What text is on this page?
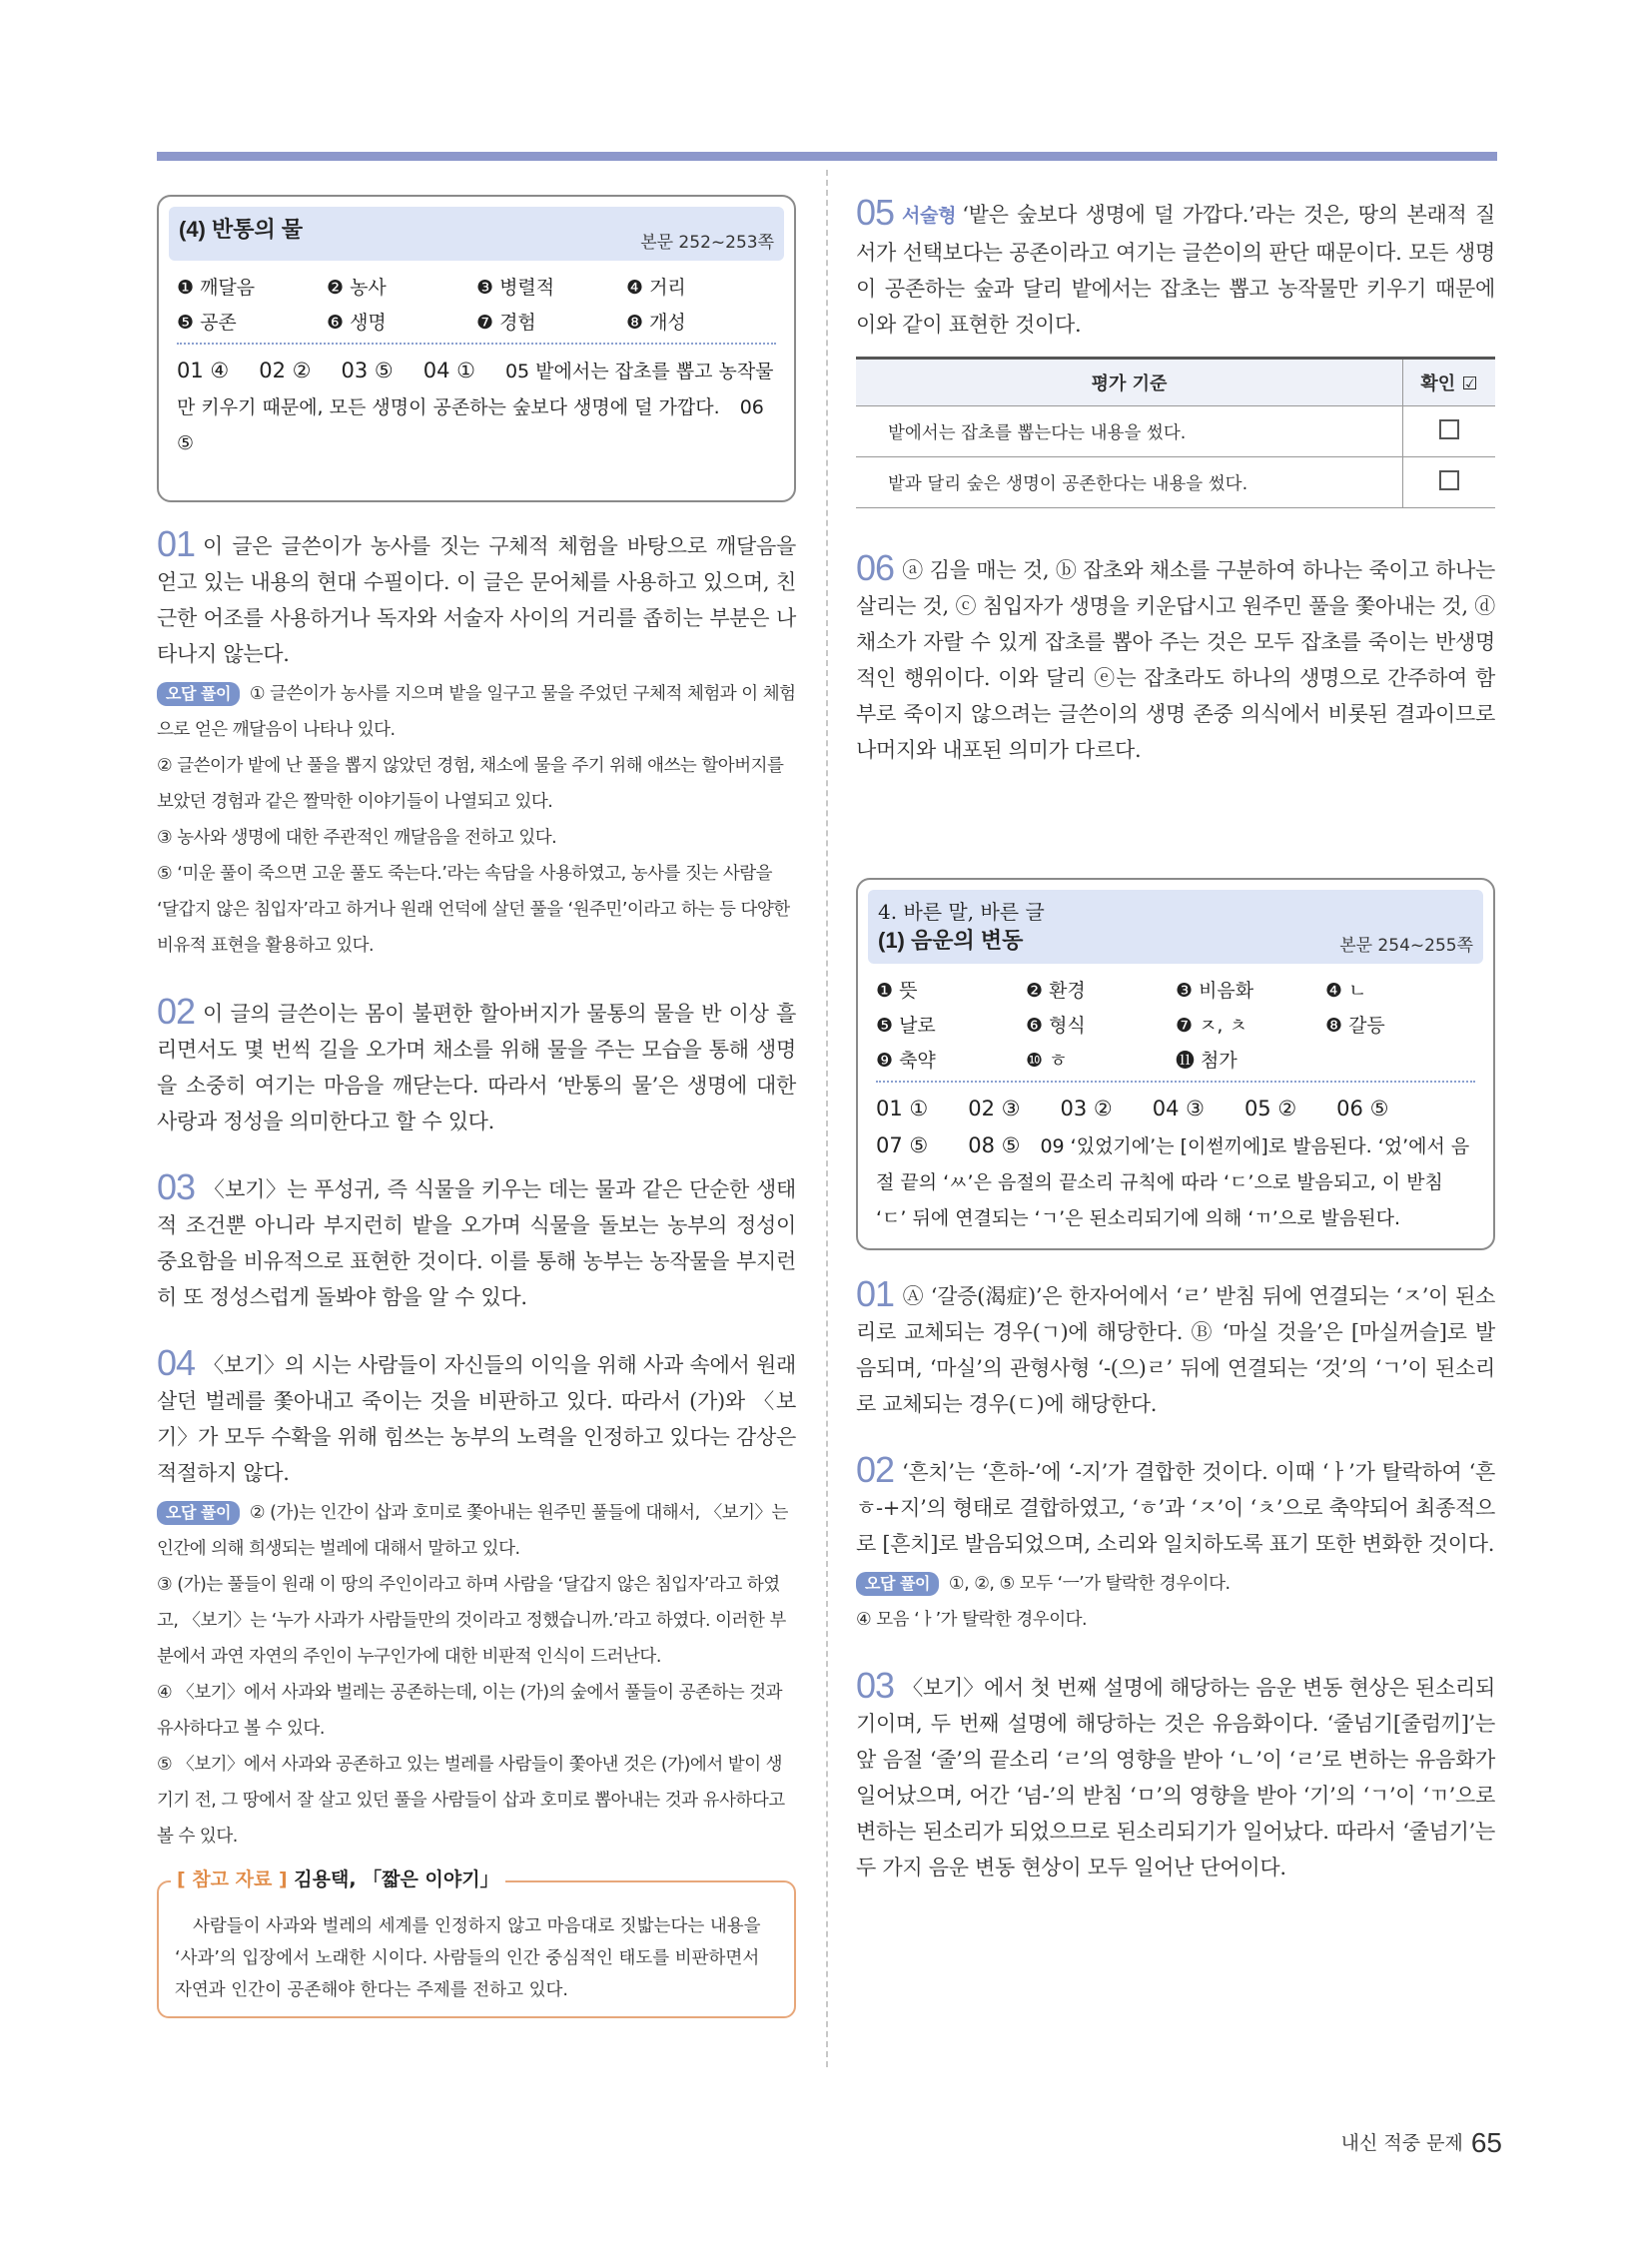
(4) 반통의 물
본문 252~253쪽
❶ 깨달음	❷ 농사	❸ 병렬적	❹ 거리
❺ 공존	❻ 생명	❼ 경험	❽ 개성
01 ④ 02 ② 03 ⑤ 04 ① 05 밭에서는 잡초를 뽑고 농작물만 키우기 때문에, 모든 생명이 공존하는 숲보다 생명에 덜 가깝다. 06 ⑤
01 이 글은 글쓴이가 농사를 짓는 구체적 체험을 바탕으로 깨달음을 얻고 있는 내용의 현대 수필이다. 이 글은 문어체를 사용하고 있으며, 친근한 어조를 사용하거나 독자와 서술자 사이의 거리를 좁히는 부분은 나타나지 않는다.
오답 풀이 ① 글쓴이가 농사를 지으며 밭을 일구고 물을 주었던 구체적 체험과 이 체험으로 얻은 깨달음이 나타나 있다.
② 글쓴이가 밭에 난 풀을 뽑지 않았던 경험, 채소에 물을 주기 위해 애쓰는 할아버지를 보았던 경험과 같은 짤막한 이야기들이 나열되고 있다.
③ 농사와 생명에 대한 주관적인 깨달음을 전하고 있다.
⑤ ‘미운 풀이 죽으면 고운 풀도 죽는다.’라는 속담을 사용하였고, 농사를 짓는 사람을 ‘달갑지 않은 침입자’라고 하거나 원래 언덕에 살던 풀을 ‘원주민’이라고 하는 등 다양한 비유적 표현을 활용하고 있다.
02 이 글의 글쓴이는 몸이 불편한 할아버지가 물통의 물을 반 이상 흘리면서도 몇 번씩 길을 오가며 채소를 위해 물을 주는 모습을 통해 생명을 소중히 여기는 마음을 깨닫는다. 따라서 ‘반통의 물’은 생명에 대한 사랑과 정성을 의미한다고 할 수 있다.
03 〈보기〉는 푸성귀, 즉 식물을 키우는 데는 물과 같은 단순한 생태적 조건뿐 아니라 부지런히 밭을 오가며 식물을 돌보는 농부의 정성이 중요함을 비유적으로 표현한 것이다. 이를 통해 농부는 농작물을 부지런히 또 정성스럽게 돌봐야 함을 알 수 있다.
04 〈보기〉의 시는 사람들이 자신들의 이익을 위해 사과 속에서 원래 살던 벌레를 쫓아내고 죽이는 것을 비판하고 있다. 따라서 (가)와 〈보기〉가 모두 수확을 위해 힘쓰는 농부의 노력을 인정하고 있다는 감상은 적절하지 않다.
오답 풀이 ② (가)는 인간이 삽과 호미로 쫓아내는 원주민 풀들에 대해서, 〈보기〉는 인간에 의해 희생되는 벌레에 대해서 말하고 있다.
③ (가)는 풀들이 원래 이 땅의 주인이라고 하며 사람을 ‘달갑지 않은 침입자’라고 하였고, 〈보기〉는 ‘누가 사과가 사람들만의 것이라고 정했습니까.’라고 하였다. 이러한 부분에서 과연 자연의 주인이 누구인가에 대한 비판적 인식이 드러난다.
④ 〈보기〉에서 사과와 벌레는 공존하는데, 이는 (가)의 숲에서 풀들이 공존하는 것과 유사하다고 볼 수 있다.
⑤ 〈보기〉에서 사과와 공존하고 있는 벌레를 사람들이 쫓아낸 것은 (가)에서 밭이 생기기 전, 그 땅에서 잘 살고 있던 풀을 사람들이 삽과 호미로 뽑아내는 것과 유사하다고 볼 수 있다.
[ 참고 자료 ] 김용택, 「짧은 이야기」
사람들이 사과와 벌레의 세계를 인정하지 않고 마음대로 짓밟는다는 내용을 ‘사과’의 입장에서 노래한 시이다. 사람들의 인간 중심적인 태도를 비판하면서 자연과 인간이 공존해야 한다는 주제를 전하고 있다.
05 서술형 ‘밭은 숲보다 생명에 덜 가깝다.’라는 것은, 땅의 본래적 질서가 선택보다는 공존이라고 여기는 글쓴이의 판단 때문이다. 모든 생명이 공존하는 숲과 달리 밭에서는 잡초는 뽑고 농작물만 키우기 때문에 이와 같이 표현한 것이다.
평가 기준	확인 ☑
밭에서는 잡초를 뽑는다는 내용을 썼다.	
밭과 달리 숲은 생명이 공존한다는 내용을 썼다.	
06 ⓐ 김을 매는 것, ⓑ 잡초와 채소를 구분하여 하나는 죽이고 하나는 살리는 것, ⓒ 침입자가 생명을 키운답시고 원주민 풀을 쫓아내는 것, ⓓ 채소가 자랄 수 있게 잡초를 뽑아 주는 것은 모두 잡초를 죽이는 반생명적인 행위이다. 이와 달리 ⓔ는 잡초라도 하나의 생명으로 간주하여 함부로 죽이지 않으려는 글쓴이의 생명 존중 의식에서 비롯된 결과이므로 나머지와 내포된 의미가 다르다.
4. 바른 말, 바른 글
(1) 음운의 변동	본문 254~255쪽
❶ 뜻	❷ 환경	❸ 비음화	❹ ㄴ
❺ 날로	❻ 형식	❼ ㅈ, ㅊ	❽ 갈등
❾ 축약	❿ ㅎ	⓫ 첨가
01 ① 02 ③ 03 ② 04 ③ 05 ② 06 ⑤
07 ⑤ 08 ⑤ 09 ‘있었기에’는 [이썯끼에]로 발음된다. ‘었’에서 음절 끝의 ‘ㅆ’은 음절의 끝소리 규칙에 따라 ‘ㄷ’으로 발음되고, 이 받침 ‘ㄷ’ 뒤에 연결되는 ‘ㄱ’은 된소리되기에 의해 ‘ㄲ’으로 발음된다.
01 Ⓐ ‘갈증(渴症)’은 한자어에서 ‘ㄹ’ 받침 뒤에 연결되는 ‘ㅈ’이 된소리로 교체되는 경우(ㄱ)에 해당한다. Ⓑ ‘마실 것을’은 [마실꺼슬]로 발음되며, ‘마실’의 관형사형 ‘-(으)ㄹ’ 뒤에 연결되는 ‘것’의 ‘ㄱ’이 된소리로 교체되는 경우(ㄷ)에 해당한다.
02 ‘흔치’는 ‘흔하-’에 ‘-지’가 결합한 것이다. 이때 ‘ㅏ’가 탈락하여 ‘흔ㅎ-+지’의 형태로 결합하였고, ‘ㅎ’과 ‘ㅈ’이 ‘ㅊ’으로 축약되어 최종적으로 [흔치]로 발음되었으며, 소리와 일치하도록 표기 또한 변화한 것이다.
오답 풀이 ①, ②, ⑤ 모두 ‘ㅡ’가 탈락한 경우이다.
④ 모음 ‘ㅏ’가 탈락한 경우이다.
03 〈보기〉에서 첫 번째 설명에 해당하는 음운 변동 현상은 된소리되기이며, 두 번째 설명에 해당하는 것은 유음화이다. ‘줄넘기[줄럼끼]’는 앞 음절 ‘줄’의 끝소리 ‘ㄹ’의 영향을 받아 ‘ㄴ’이 ‘ㄹ’로 변하는 유음화가 일어났으며, 어간 ‘넘-’의 받침 ‘ㅁ’의 영향을 받아 ‘기’의 ‘ㄱ’이 ‘ㄲ’으로 변하는 된소리가 되었으므로 된소리되기가 일어났다. 따라서 ‘줄넘기’는 두 가지 음운 변동 현상이 모두 일어난 단어이다.
내신 적중 문제 65
